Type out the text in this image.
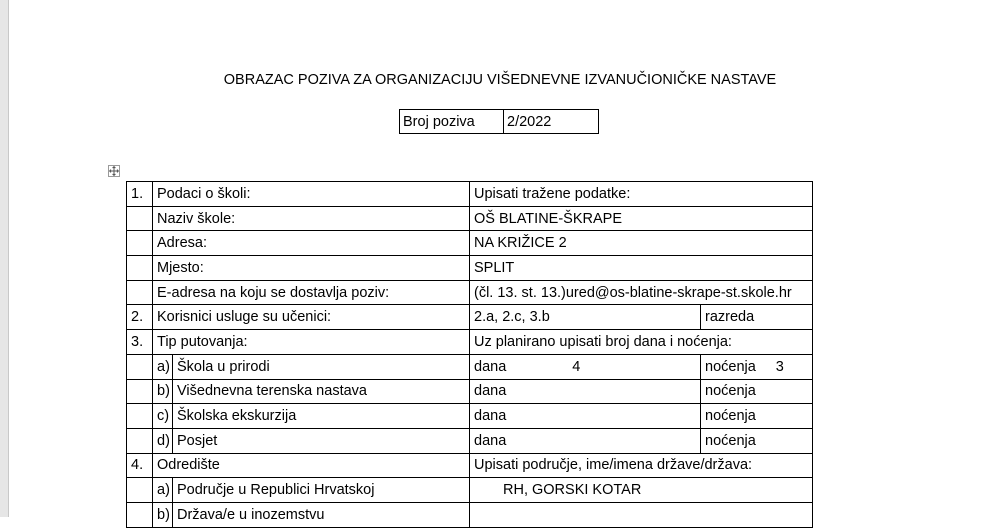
OBRAZAC POZIVA ZA ORGANIZACIJU VIŠEDNEVNE IZVANUČIONIČKE NASTAVE
Broj poziva	2/2022
1.	Podaci o školi:		Upisati tražene podatke:	
	Naziv škole:		OŠ BLATINE-ŠKRAPE	
	Adresa:		NA KRIŽICE 2	
	Mjesto:		SPLIT	
	E-adresa na koju se dostavlja poziv:		(čl. 13. st. 13.)ured@os-blatine-skrape-st.skole.hr	
2.	Korisnici usluge su učenici:		2.a, 2.c, 3.b	razreda
3.	Tip putovanja:		Uz planirano upisati broj dana i noćenja:	
	a)	Škola u prirodi	dana 4	noćenja 3
	b)	Višednevna terenska nastava	dana	noćenja
	c)	Školska ekskurzija	dana	noćenja
	d)	Posjet	dana	noćenja
4.	Odredište		Upisati područje, ime/imena države/država:	
	a)	Područje u Republici Hrvatskoj	RH, GORSKI KOTAR	
	b)	Država/e u inozemstvu		
